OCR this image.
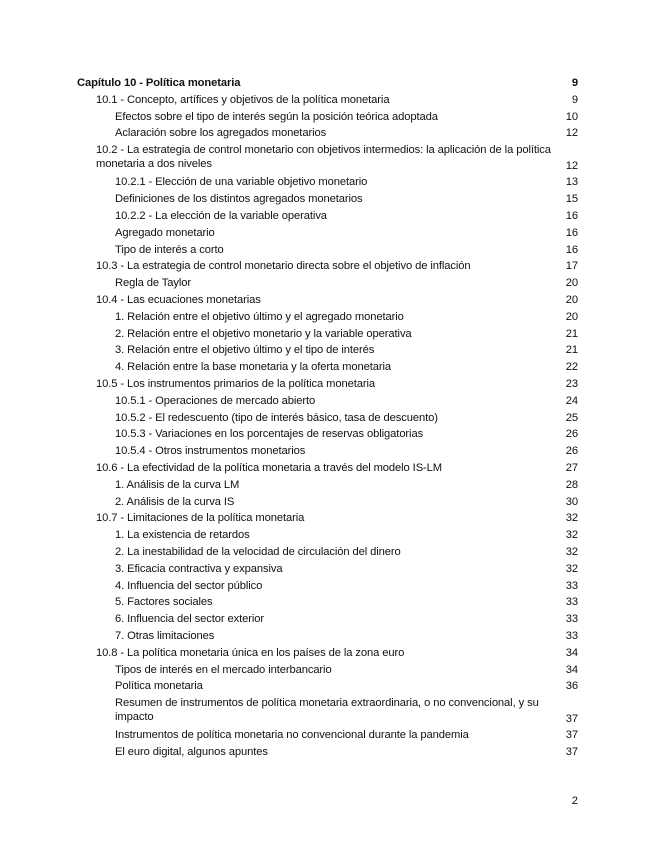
Capítulo 10 - Política monetaria	9
10.1 - Concepto, artífices y objetivos de la política monetaria	9
Efectos sobre el tipo de interés según la posición teórica adoptada	10
Aclaración sobre los agregados monetarios	12
10.2 - La estrategia de control monetario con objetivos intermedios: la aplicación de la política monetaria a dos niveles	12
10.2.1 - Elección de una variable objetivo monetario	13
Definiciones de los distintos agregados monetarios	15
10.2.2 - La elección de la variable operativa	16
Agregado monetario	16
Tipo de interés a corto	16
10.3 - La estrategia de control monetario directa sobre el objetivo de inflación	17
Regla de Taylor	20
10.4 - Las ecuaciones monetarias	20
1. Relación entre el objetivo último y el agregado monetario	20
2. Relación entre el objetivo monetario y la variable operativa	21
3. Relación entre el objetivo último y el tipo de interés	21
4. Relación entre la base monetaria y la oferta monetaria	22
10.5 - Los instrumentos primarios de la política monetaria	23
10.5.1 - Operaciones de mercado abierto	24
10.5.2 - El redescuento (tipo de interés básico, tasa de descuento)	25
10.5.3 - Variaciones en los porcentajes de reservas obligatorias	26
10.5.4 - Otros instrumentos monetarios	26
10.6 - La efectividad de la política monetaria a través del modelo IS-LM	27
1. Análisis de la curva LM	28
2. Análisis de la curva IS	30
10.7 - Limitaciones de la política monetaria	32
1. La existencia de retardos	32
2. La inestabilidad de la velocidad de circulación del dinero	32
3. Eficacia contractiva y expansiva	32
4. Influencia del sector público	33
5. Factores sociales	33
6. Influencia del sector exterior	33
7. Otras limitaciones	33
10.8 - La política monetaria única en los países de la zona euro	34
Tipos de interés en el mercado interbancario	34
Política monetaria	36
Resumen de instrumentos de política monetaria extraordinaria, o no convencional, y su impacto	37
Instrumentos de política monetaria no convencional durante la pandemia	37
El euro digital, algunos apuntes	37
2
